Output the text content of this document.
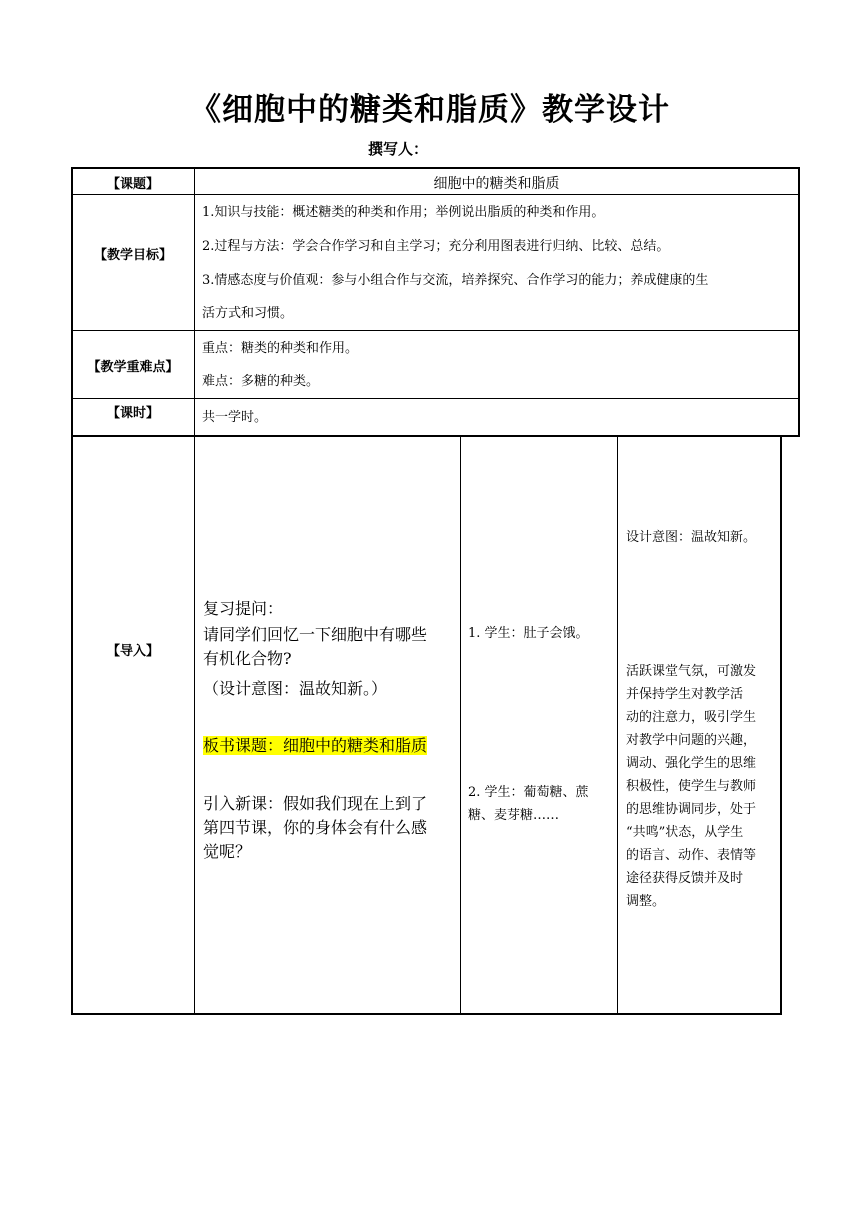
《细胞中的糖类和脂质》教学设计
撰写人：
【课题】	细胞中的糖类和脂质
【教学目标】
1.知识与技能：概述糖类的种类和作用；举例说出脂质的种类和作用。
2.过程与方法：学会合作学习和自主学习；充分利用图表进行归纳、比较、总结。
3.情感态度与价值观：参与小组合作与交流，培养探究、合作学习的能力；养成健康的生
活方式和习惯。
【教学重难点】
重点：糖类的种类和作用。
难点：多糖的种类。
【课时】	共一学时。
【导入】
复习提问：
请同学们回忆一下细胞中有哪些
有机化合物?
（设计意图：温故知新。）
板书课题：细胞中的糖类和脂质
引入新课：假如我们现在上到了
第四节课，你的身体会有什么感
觉呢？
1. 学生：肚子会饿。
2. 学生：葡萄糖、蔗
糖、麦芽糖……
设计意图：温故知新。
活跃课堂气氛，可激发
并保持学生对教学活
动的注意力，吸引学生
对教学中问题的兴趣，
调动、强化学生的思维
积极性，使学生与教师
的思维协调同步，处于
“共鸣”状态，从学生
的语言、动作、表情等
途径获得反馈并及时
调整。
